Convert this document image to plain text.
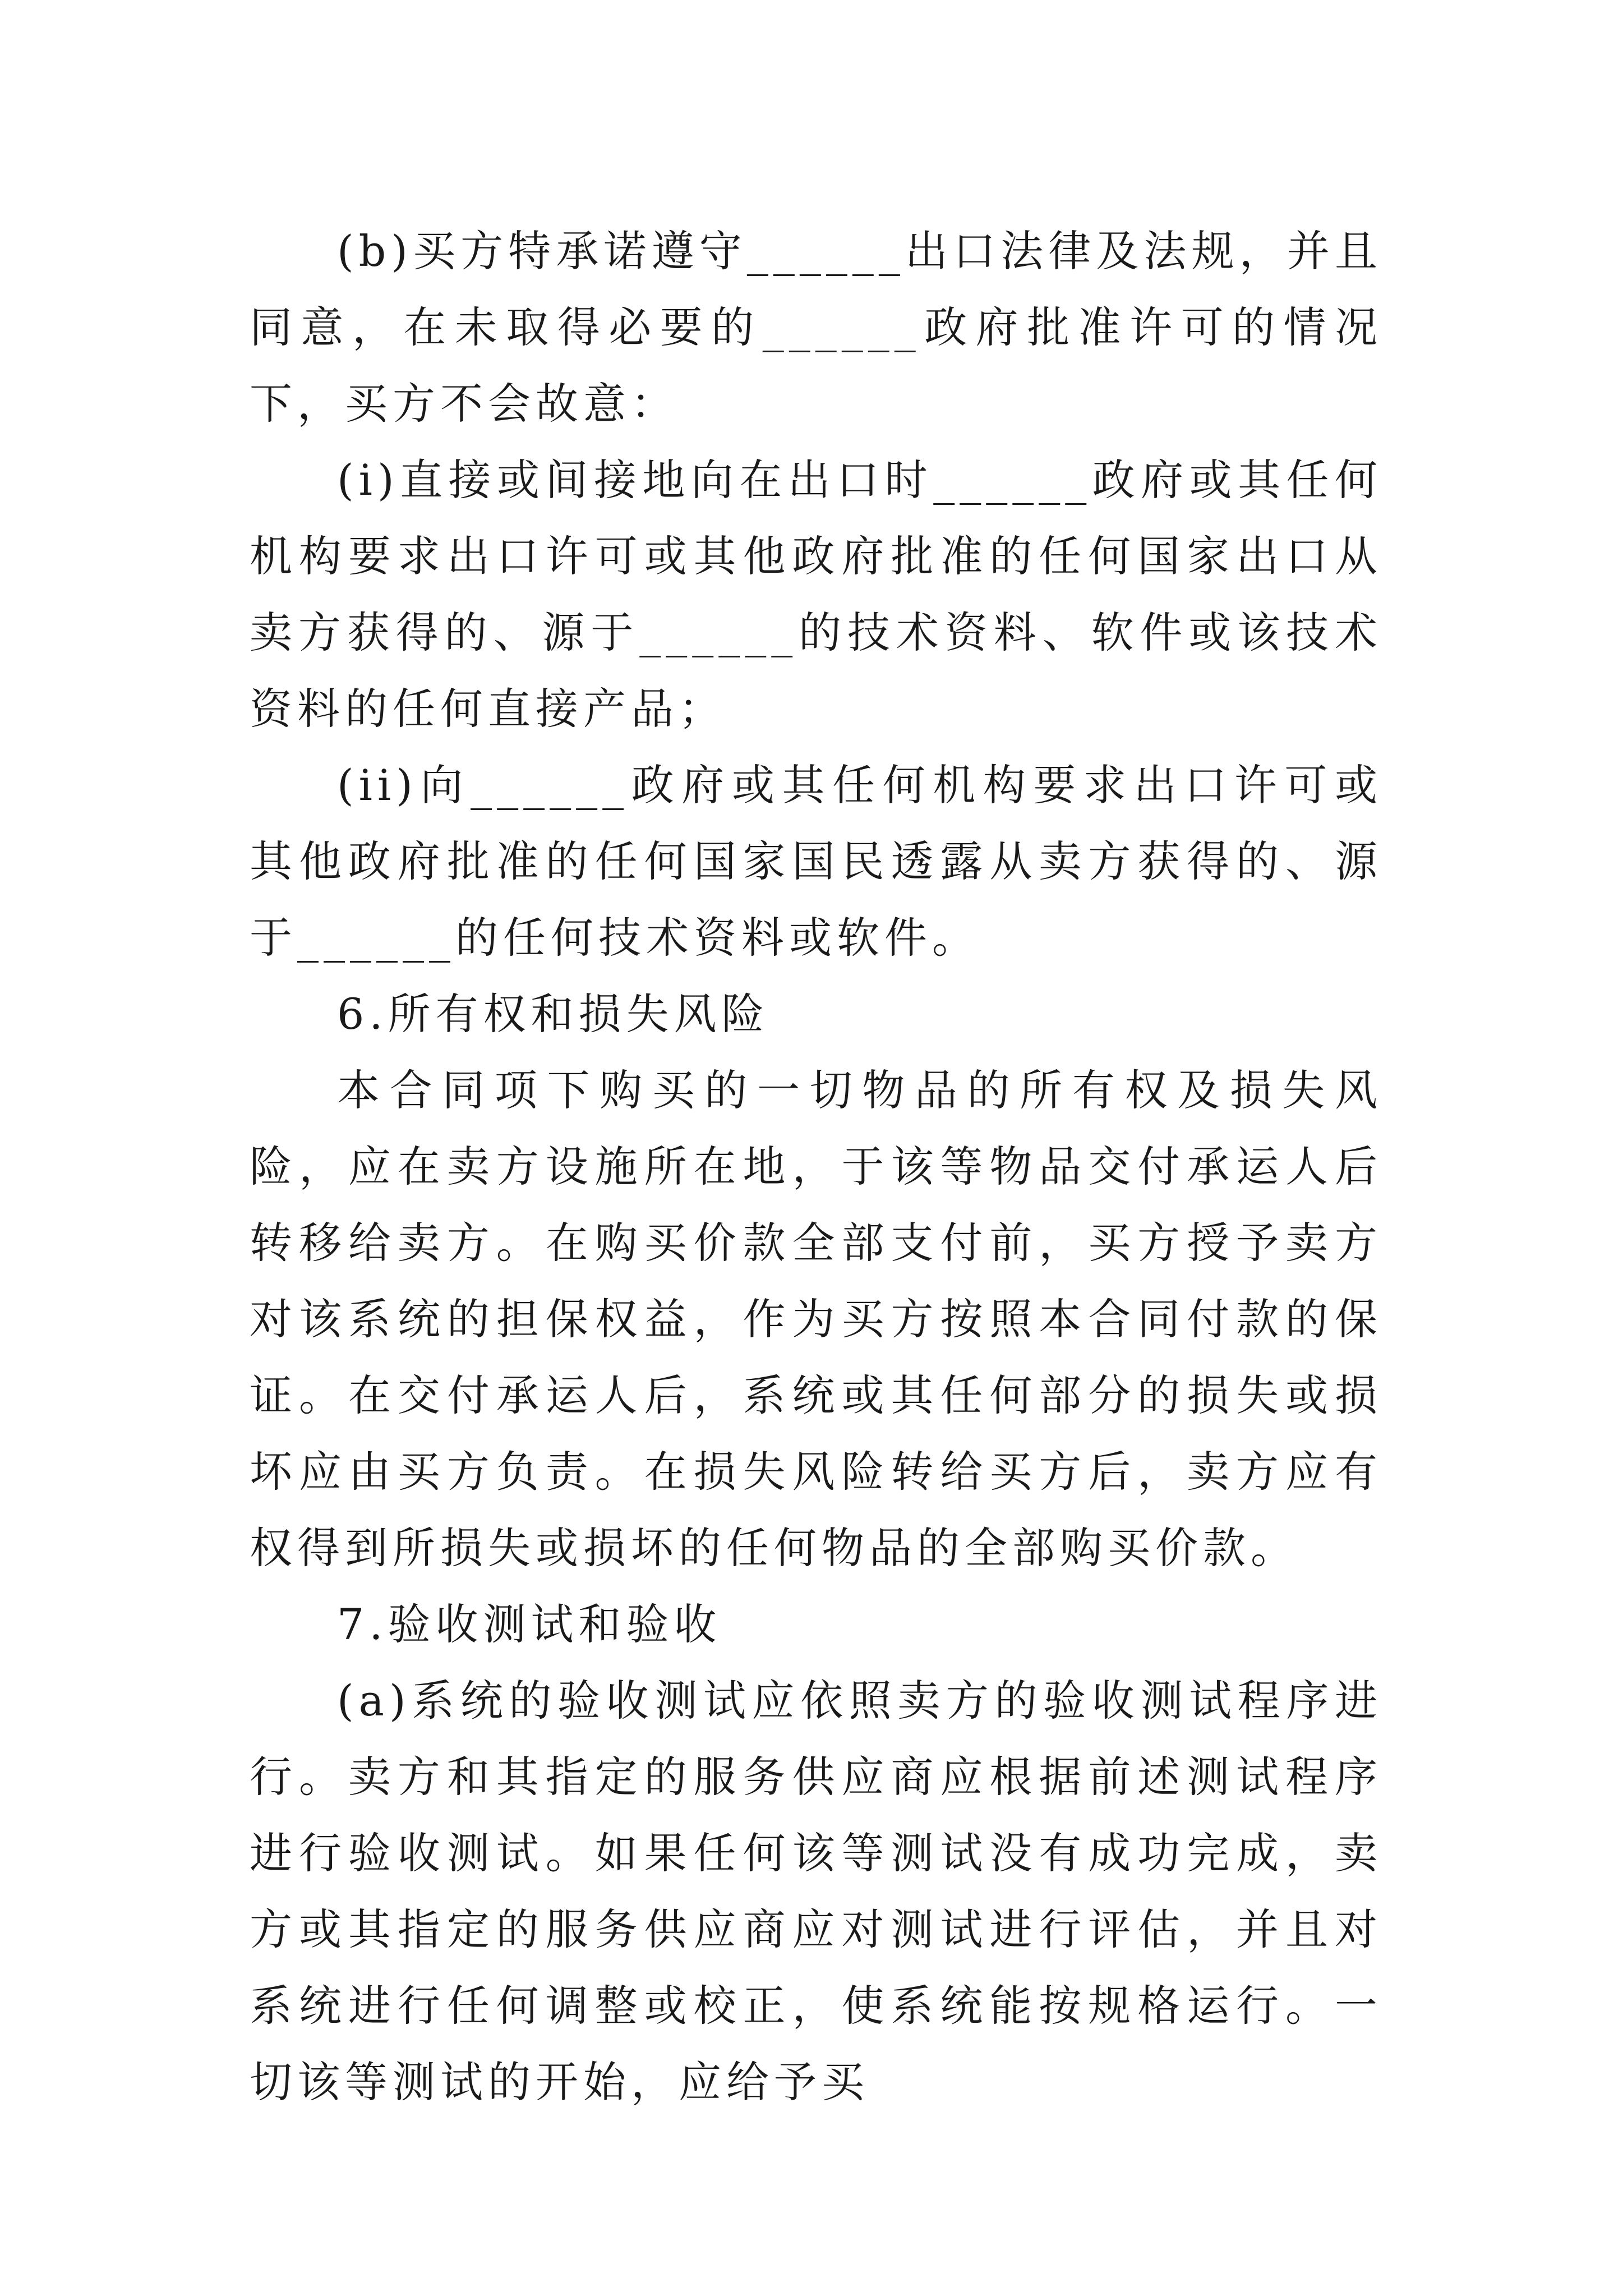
(b)买方特承诺遵守______出口法律及法规，并且同意，在未取得必要的______政府批准许可的情况下，买方不会故意：

(i)直接或间接地向在出口时______政府或其任何机构要求出口许可或其他政府批准的任何国家出口从卖方获得的、源于______的技术资料、软件或该技术资料的任何直接产品；

(ii)向______政府或其任何机构要求出口许可或其他政府批准的任何国家国民透露从卖方获得的、源于______的任何技术资料或软件。

6.所有权和损失风险

本合同项下购买的一切物品的所有权及损失风险，应在卖方设施所在地，于该等物品交付承运人后转移给卖方。在购买价款全部支付前，买方授予卖方对该系统的担保权益，作为买方按照本合同付款的保证。在交付承运人后，系统或其任何部分的损失或损坏应由买方负责。在损失风险转给买方后，卖方应有权得到所损失或损坏的任何物品的全部购买价款。

7.验收测试和验收

(a)系统的验收测试应依照卖方的验收测试程序进行。卖方和其指定的服务供应商应根据前述测试程序进行验收测试。如果任何该等测试没有成功完成，卖方或其指定的服务供应商应对测试进行评估，并且对系统进行任何调整或校正，使系统能按规格运行。一切该等测试的开始，应给予买
